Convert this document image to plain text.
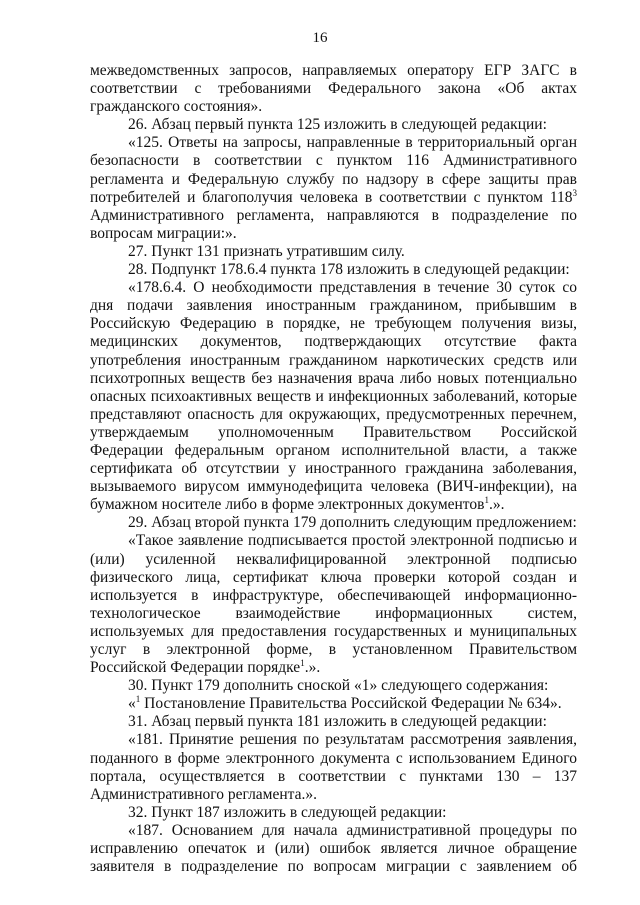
16

межведомственных запросов, направляемых оператору ЕГР ЗАГС в соответствии с требованиями Федерального закона «Об актах гражданского состояния».

26. Абзац первый пункта 125 изложить в следующей редакции:

«125. Ответы на запросы, направленные в территориальный орган безопасности в соответствии с пунктом 116 Административного регламента и Федеральную службу по надзору в сфере защиты прав потребителей и благополучия человека в соответствии с пунктом $118^3$ Административного регламента, направляются в подразделение по вопросам миграции:».

27. Пункт 131 признать утратившим силу.

28. Подпункт 178.6.4 пункта 178 изложить в следующей редакции:

«178.6.4. О необходимости представления в течение 30 суток со дня подачи заявления иностранным гражданином, прибывшим в Российскую Федерацию в порядке, не требующем получения визы, медицинских документов, подтверждающих отсутствие факта употребления иностранным гражданином наркотических средств или психотропных веществ без назначения врача либо новых потенциально опасных психоактивных веществ и инфекционных заболеваний, которые представляют опасность для окружающих, предусмотренных перечнем, утверждаемым уполномоченным Правительством Российской Федерации федеральным органом исполнительной власти, а также сертификата об отсутствии у иностранного гражданина заболевания, вызываемого вирусом иммунодефицита человека (ВИЧ-инфекции), на бумажном носителе либо в форме электронных документов$^1$.».

29. Абзац второй пункта 179 дополнить следующим предложением:

«Такое заявление подписывается простой электронной подписью и (или) усиленной неквалифицированной электронной подписью физического лица, сертификат ключа проверки которой создан и используется в инфраструктуре, обеспечивающей информационно-технологическое взаимодействие информационных систем, используемых для предоставления государственных и муниципальных услуг в электронной форме, в установленном Правительством Российской Федерации порядке$^1$.».

30. Пункт 179 дополнить сноской «1» следующего содержания:

«$^1$ Постановление Правительства Российской Федерации № 634».

31. Абзац первый пункта 181 изложить в следующей редакции:

«181. Принятие решения по результатам рассмотрения заявления, поданного в форме электронного документа с использованием Единого портала, осуществляется в соответствии с пунктами 130 – 137 Административного регламента.».

32. Пункт 187 изложить в следующей редакции:

«187. Основанием для начала административной процедуры по исправлению опечаток и (или) ошибок является личное обращение заявителя в подразделение по вопросам миграции с заявлением об
